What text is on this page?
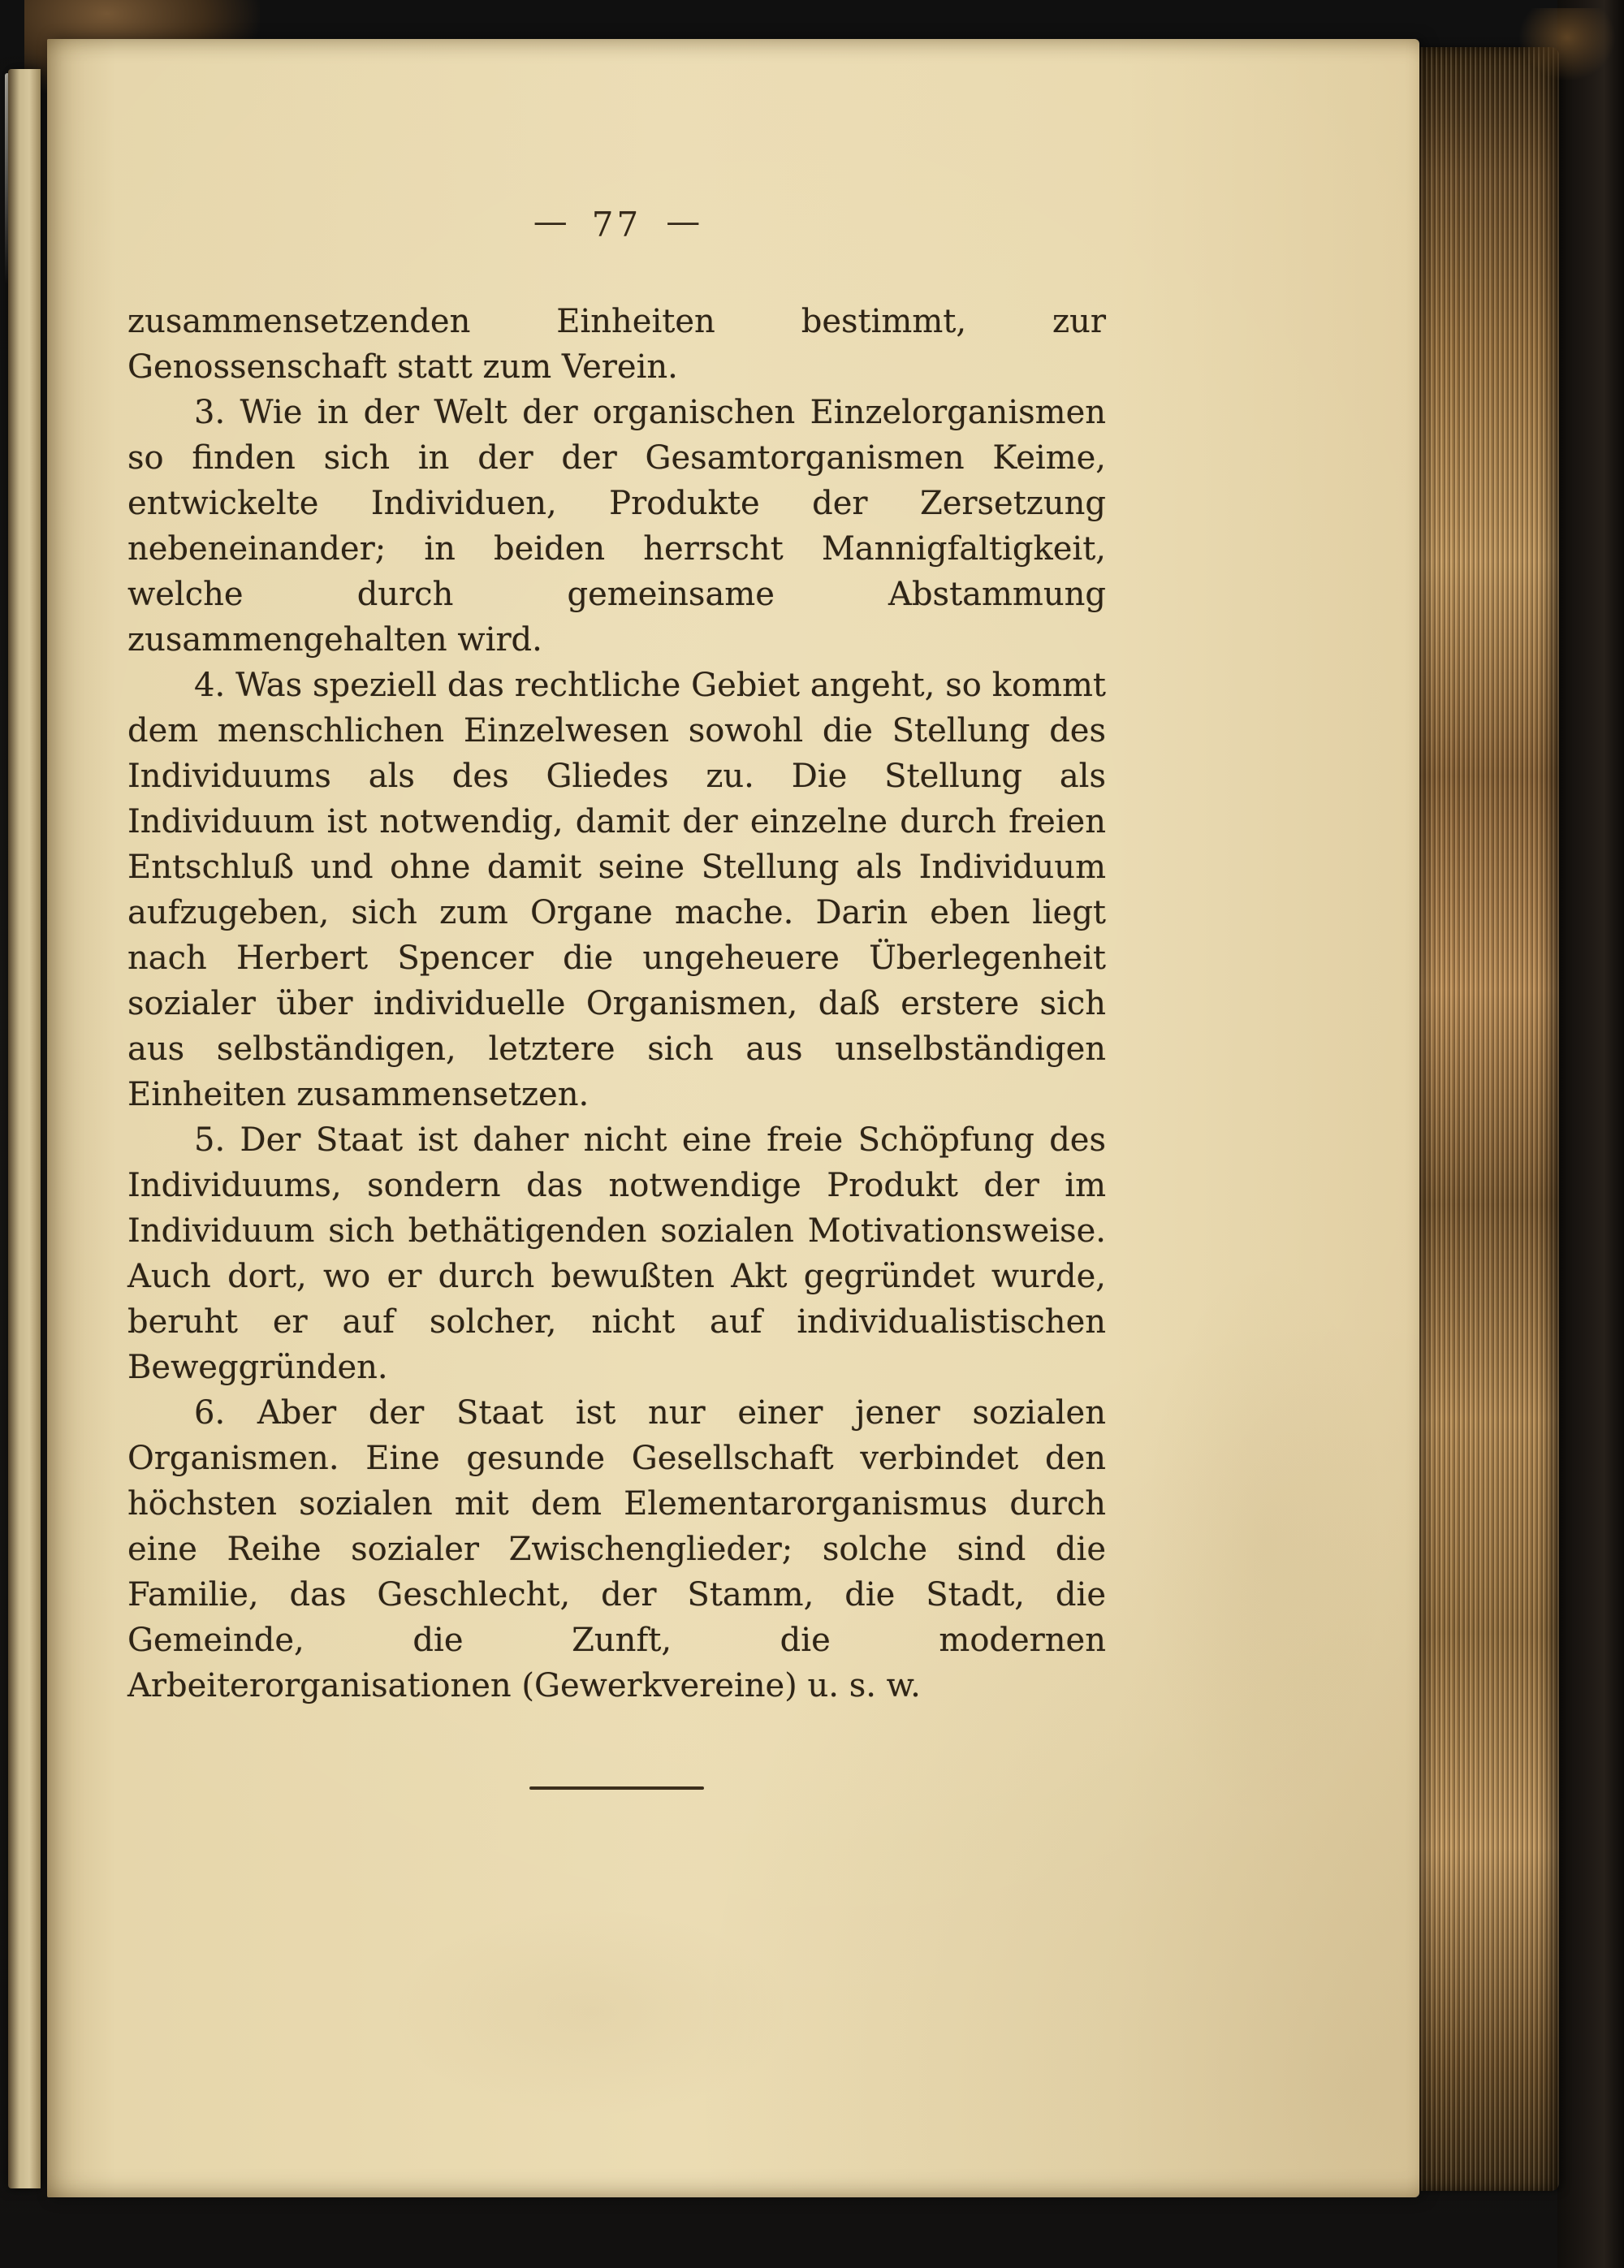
— 77 —

zusammensetzenden Einheiten bestimmt, zur Genossenschaft statt zum Verein.

3. Wie in der Welt der organischen Einzelorganismen so finden sich in der der Gesamtorganismen Keime, entwickelte Individuen, Produkte der Zersetzung nebeneinander; in beiden herrscht Mannigfaltigkeit, welche durch gemeinsame Abstammung zusammengehalten wird.

4. Was speziell das rechtliche Gebiet angeht, so kommt dem menschlichen Einzelwesen sowohl die Stellung des Individuums als des Gliedes zu. Die Stellung als Individuum ist notwendig, damit der einzelne durch freien Entschluß und ohne damit seine Stellung als Individuum aufzugeben, sich zum Organe mache. Darin eben liegt nach Herbert Spencer die ungeheuere Überlegenheit sozialer über individuelle Organismen, daß erstere sich aus selbständigen, letztere sich aus unselbständigen Einheiten zusammensetzen.

5. Der Staat ist daher nicht eine freie Schöpfung des Individuums, sondern das notwendige Produkt der im Individuum sich bethätigenden sozialen Motivationsweise. Auch dort, wo er durch bewußten Akt gegründet wurde, beruht er auf solcher, nicht auf individualistischen Beweggründen.

6. Aber der Staat ist nur einer jener sozialen Organismen. Eine gesunde Gesellschaft verbindet den höchsten sozialen mit dem Elementarorganismus durch eine Reihe sozialer Zwischenglieder; solche sind die Familie, das Geschlecht, der Stamm, die Stadt, die Gemeinde, die Zunft, die modernen Arbeiterorganisationen (Gewerkvereine) u. s. w.
